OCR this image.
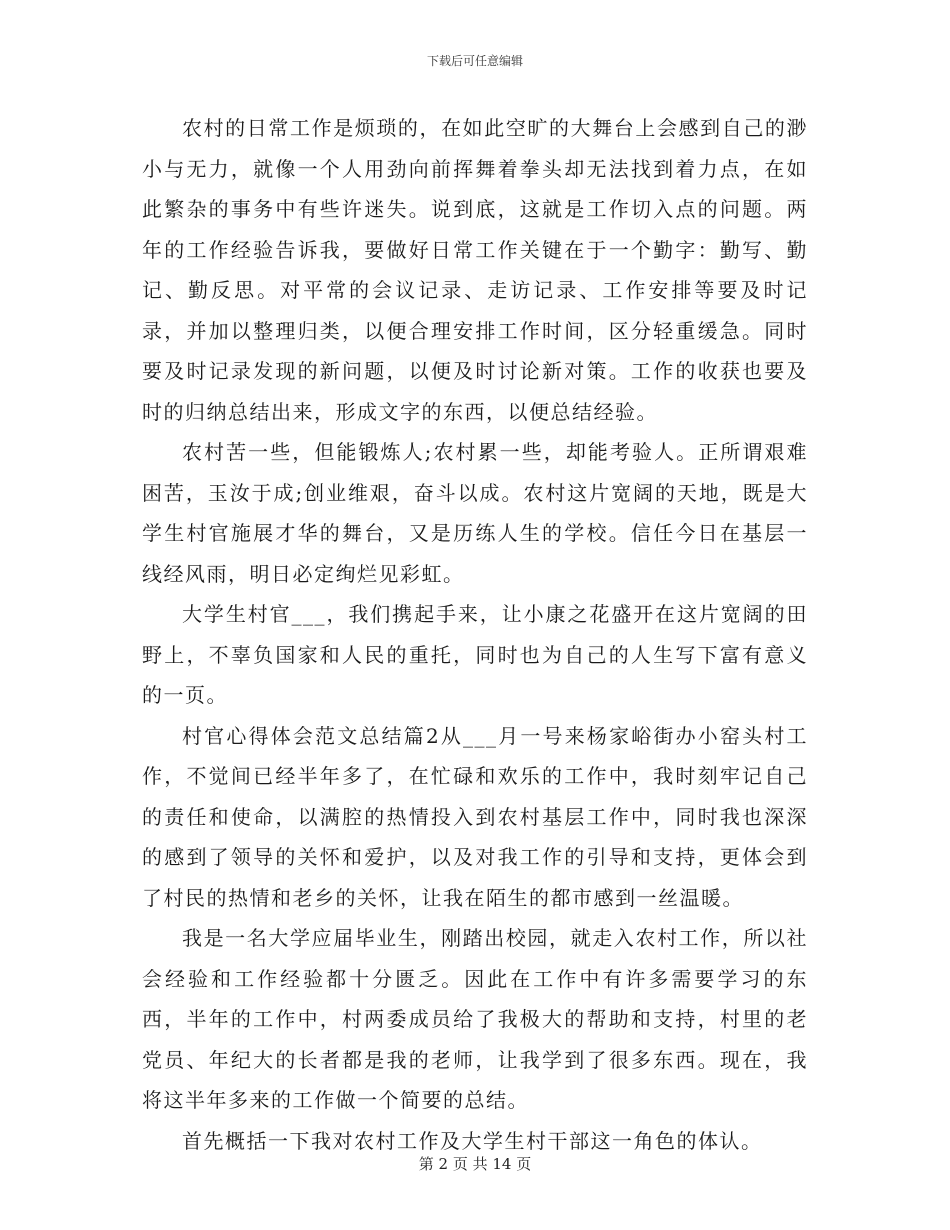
下载后可任意编辑

农村的日常工作是烦琐的，在如此空旷的大舞台上会感到自己的渺小与无力，就像一个人用劲向前挥舞着拳头却无法找到着力点，在如此繁杂的事务中有些许迷失。说到底，这就是工作切入点的问题。两年的工作经验告诉我，要做好日常工作关键在于一个勤字：勤写、勤记、勤反思。对平常的会议记录、走访记录、工作安排等要及时记录，并加以整理归类，以便合理安排工作时间，区分轻重缓急。同时要及时记录发现的新问题，以便及时讨论新对策。工作的收获也要及时的归纳总结出来，形成文字的东西，以便总结经验。

农村苦一些，但能锻炼人;农村累一些，却能考验人。正所谓艰难困苦，玉汝于成;创业维艰，奋斗以成。农村这片宽阔的天地，既是大学生村官施展才华的舞台，又是历练人生的学校。信任今日在基层一线经风雨，明日必定绚烂见彩虹。

大学生村官___，我们携起手来，让小康之花盛开在这片宽阔的田野上，不辜负国家和人民的重托，同时也为自己的人生写下富有意义的一页。

村官心得体会范文总结篇2从___月一号来杨家峪街办小窑头村工作，不觉间已经半年多了，在忙碌和欢乐的工作中，我时刻牢记自己的责任和使命，以满腔的热情投入到农村基层工作中，同时我也深深的感到了领导的关怀和爱护，以及对我工作的引导和支持，更体会到了村民的热情和老乡的关怀，让我在陌生的都市感到一丝温暖。

我是一名大学应届毕业生，刚踏出校园，就走入农村工作，所以社会经验和工作经验都十分匮乏。因此在工作中有许多需要学习的东西，半年的工作中，村两委成员给了我极大的帮助和支持，村里的老党员、年纪大的长者都是我的老师，让我学到了很多东西。现在，我将这半年多来的工作做一个简要的总结。

首先概括一下我对农村工作及大学生村干部这一角色的体认。

第 2 页 共 14 页
